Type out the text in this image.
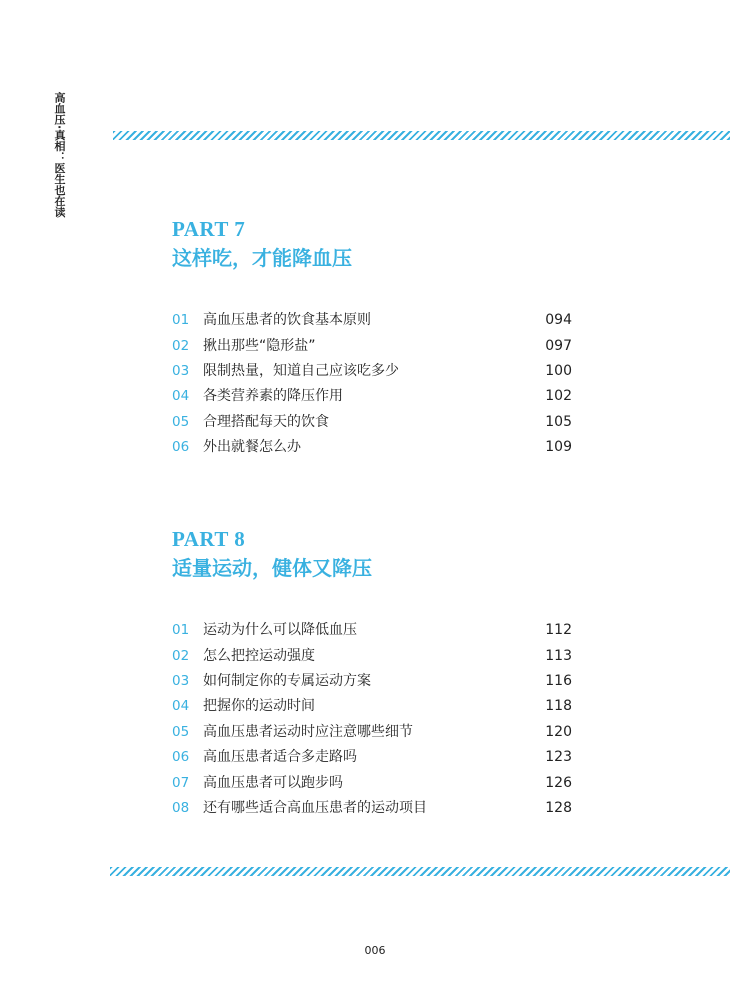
高血压·真相：医生也在读
PART 7
这样吃，才能降血压
01 高血压患者的饮食基本原则	094
02 揪出那些“隐形盐”	097
03 限制热量，知道自己应该吃多少	100
04 各类营养素的降压作用	102
05 合理搭配每天的饮食	105
06 外出就餐怎么办	109
PART 8
适量运动，健体又降压
01 运动为什么可以降低血压	112
02 怎么把控运动强度	113
03 如何制定你的专属运动方案	116
04 把握你的运动时间	118
05 高血压患者运动时应注意哪些细节	120
06 高血压患者适合多走路吗	123
07 高血压患者可以跑步吗	126
08 还有哪些适合高血压患者的运动项目	128
006
